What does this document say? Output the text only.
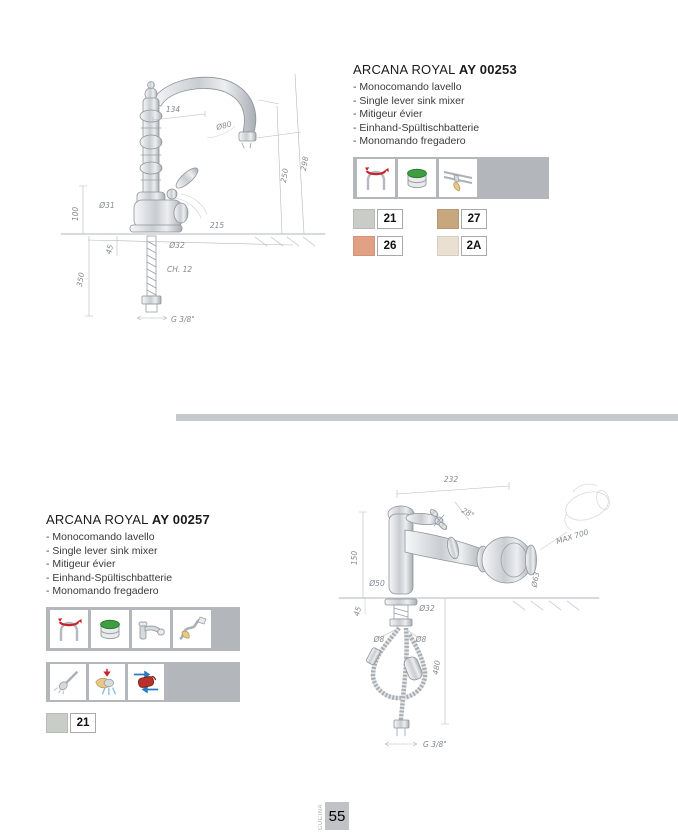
134
Ø80
250
298
100
Ø31
215
45	Ø32
350
CH. 12
G 3/8"
ARCANA ROYAL AY 00253
- Monocomando lavello
- Single lever sink mixer
- Mitigeur évier
- Einhand-Spültischbatterie
- Monomando fregadero
21	27
26	2A
ARCANA ROYAL AY 00257
- Monocomando lavello
- Single lever sink mixer
- Mitigeur évier
- Einhand-Spültischbatterie
- Monomando fregadero
21
232
28°
150
Ø50
45	Ø32
MAX 700
Ø63
Ø8	Ø8
480
G 3/8"
CUCINA 55
